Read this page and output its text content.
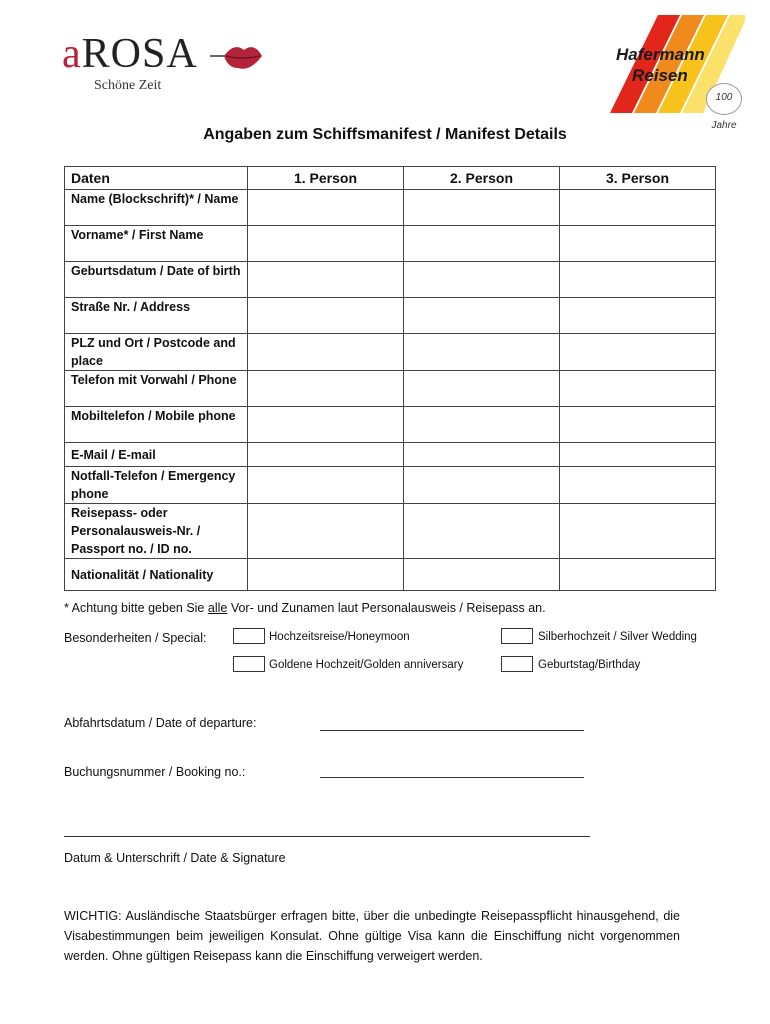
aROSA
Schöne Zeit
Hafermann
Reisen
100 Jahre
Angaben zum Schiffsmanifest / Manifest Details
Daten	1. Person	2. Person	3. Person
Name (Blockschrift)* / Name			
Vorname* / First Name			
Geburtsdatum / Date of birth			
Straße Nr. / Address			
PLZ und Ort / Postcode and place			
Telefon mit Vorwahl / Phone			
Mobiltelefon / Mobile phone			
E-Mail / E-mail			
Notfall-Telefon / Emergency phone			
Reisepass- oder Personalausweis-Nr. / Passport no. / ID no.			
Nationalität / Nationality			
* Achtung bitte geben Sie alle Vor- und Zunamen laut Personalausweis / Reisepass an.
Besonderheiten / Special:	Hochzeitsreise/Honeymoon	Silberhochzeit / Silver Wedding
Goldene Hochzeit/Golden anniversary	Geburtstag/Birthday
Abfahrtsdatum / Date of departure:
Buchungsnummer / Booking no.:
Datum & Unterschrift / Date & Signature
WICHTIG: Ausländische Staatsbürger erfragen bitte, über die unbedingte Reisepasspflicht hinausgehend, die Visabestimmungen beim jeweiligen Konsulat. Ohne gültige Visa kann die Einschiffung nicht vorgenommen werden. Ohne gültigen Reisepass kann die Einschiffung verweigert werden.
